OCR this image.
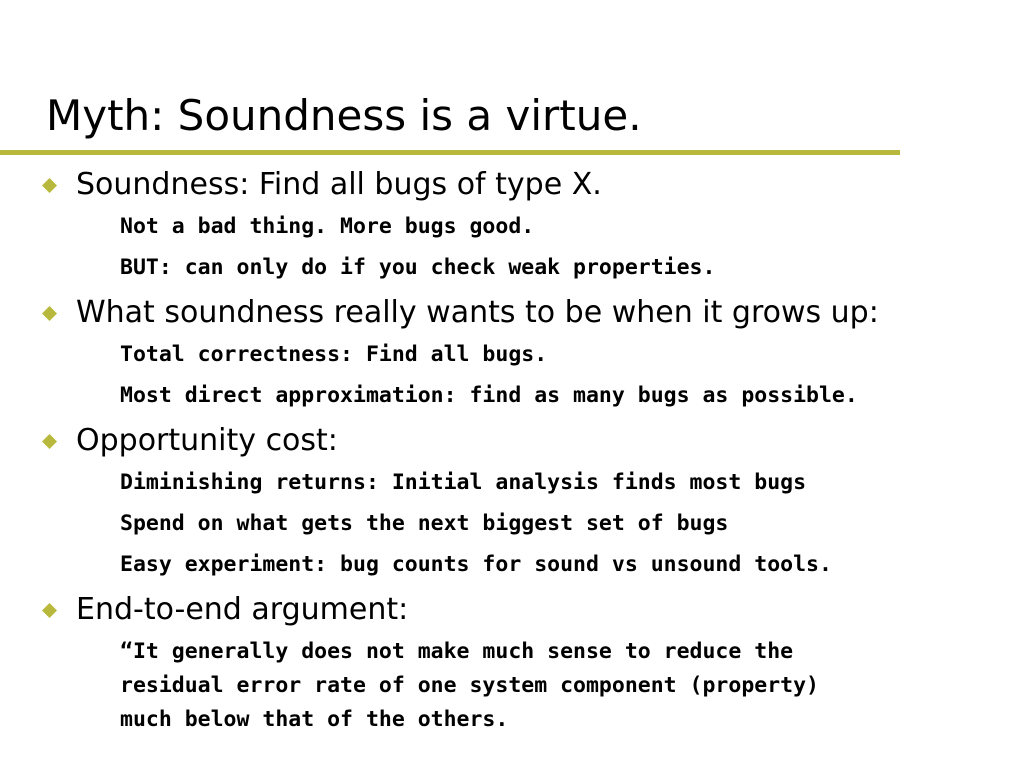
Myth: Soundness is a virtue.
Soundness: Find all bugs of type X.
Not a bad thing. More bugs good.
BUT: can only do if you check weak properties.
What soundness really wants to be when it grows up:
Total correctness: Find all bugs.
Most direct approximation: find as many bugs as possible.
Opportunity cost:
Diminishing returns: Initial analysis finds most bugs
Spend on what gets the next biggest set of bugs
Easy experiment: bug counts for sound vs unsound tools.
End-to-end argument:
“It generally does not make much sense to reduce the residual error rate of one system component (property) much below that of the others.
